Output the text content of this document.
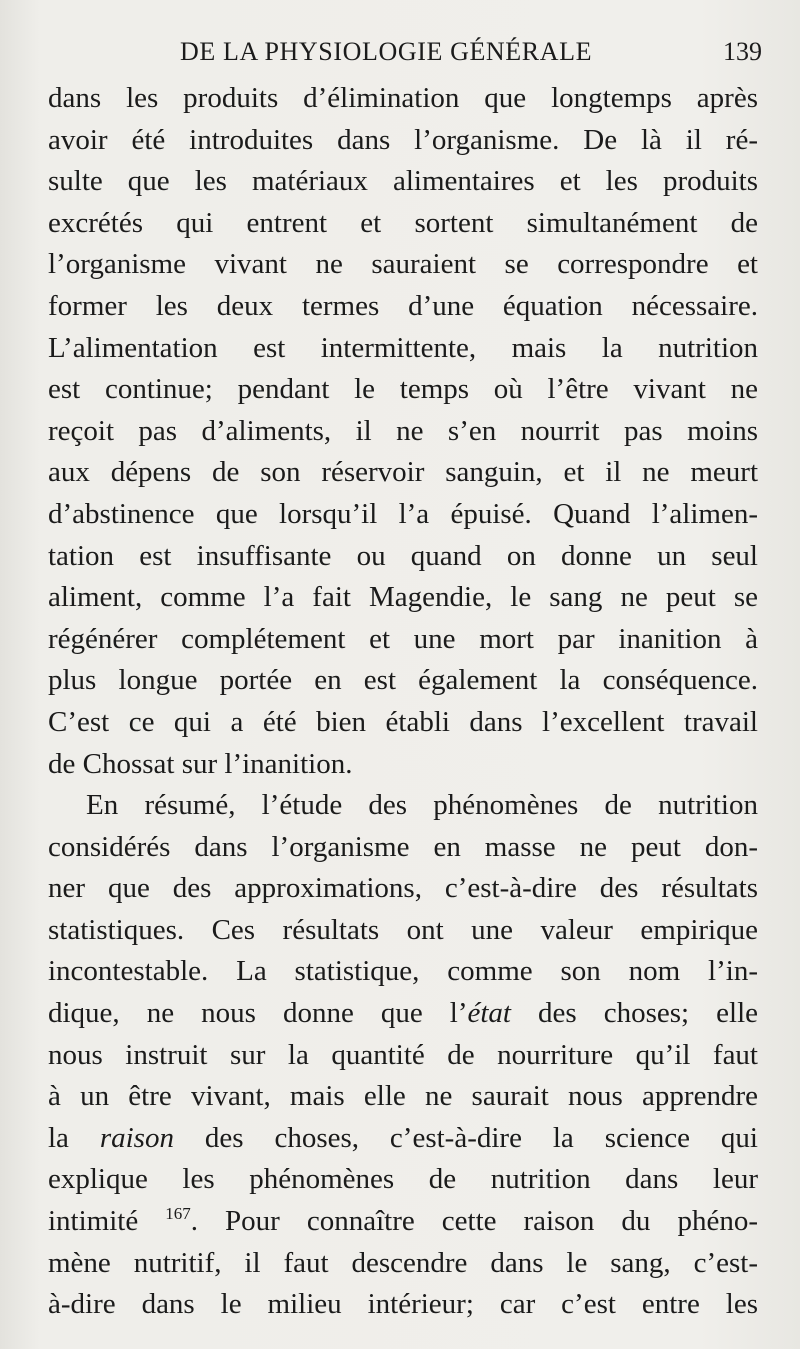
DE LA PHYSIOLOGIE GÉNÉRALE	139
dans les produits d’élimination que longtemps après
avoir été introduites dans l’organisme. De là il ré-
sulte que les matériaux alimentaires et les produits
excrétés qui entrent et sortent simultanément de
l’organisme vivant ne sauraient se correspondre et
former les deux termes d’une équation nécessaire.
L’alimentation est intermittente, mais la nutrition
est continue; pendant le temps où l’être vivant ne
reçoit pas d’aliments, il ne s’en nourrit pas moins
aux dépens de son réservoir sanguin, et il ne meurt
d’abstinence que lorsqu’il l’a épuisé. Quand l’alimen-
tation est insuffisante ou quand on donne un seul
aliment, comme l’a fait Magendie, le sang ne peut se
régénérer complétement et une mort par inanition à
plus longue portée en est également la conséquence.
C’est ce qui a été bien établi dans l’excellent travail
de Chossat sur l’inanition.
En résumé, l’étude des phénomènes de nutrition
considérés dans l’organisme en masse ne peut don-
ner que des approximations, c’est-à-dire des résultats
statistiques. Ces résultats ont une valeur empirique
incontestable. La statistique, comme son nom l’in-
dique, ne nous donne que l’état des choses; elle
nous instruit sur la quantité de nourriture qu’il faut
à un être vivant, mais elle ne saurait nous apprendre
la raison des choses, c’est-à-dire la science qui
explique les phénomènes de nutrition dans leur
intimité $^{167}$. Pour connaître cette raison du phéno-
mène nutritif, il faut descendre dans le sang, c’est-
à-dire dans le milieu intérieur; car c’est entre les
